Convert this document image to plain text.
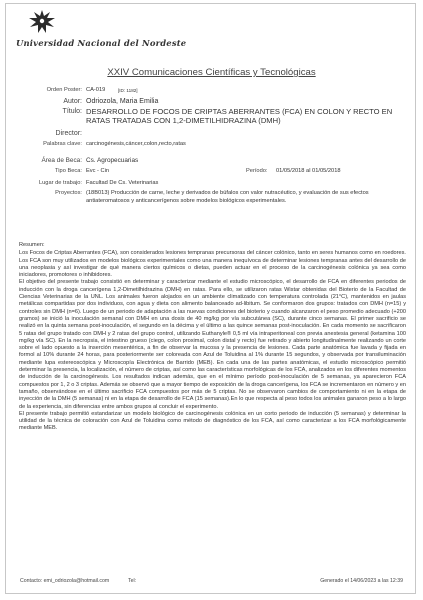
Universidad Nacional del Nordeste
XXIV Comunicaciones Científicas y Tecnológicas
Orden Poster: CA-019	[ID: 1182]
Autor: Odriozola, Maria Emilia
Título: DESARROLLO DE FOCOS DE CRIPTAS ABERRANTES (FCA) EN COLON Y RECTO EN RATAS TRATADAS CON 1,2-DIMETILHIDRAZINA (DMH)
Director:
Palabras clave: carcinogénesis,cáncer,colon,recto,ratas
Área de Beca: Cs. Agropecuarias
Tipo Beca: Evc - Cin	Período: 01/05/2018 al 01/05/2018
Lugar de trabajo: Facultad De Cs. Veterinarias
Proyectos: (18B013) Producción de carne, leche y derivados de búfalos con valor nutracéutico, y evaluación de sus efectos antiateromatosos y anticancerígenos sobre modelos biológicos experimentales.

Resumen:

Los Focos de Criptas Aberrantes (FCA), son considerados lesiones tempranas precursoras del cáncer colónico, tanto en seres humanos como en roedores. Los FCA son muy utilizados en modelos biológicos experimentales como una manera inequívoca de determinar lesiones tempranas antes del desarrollo de una neoplasia y así investigar de qué manera ciertos químicos o dietas, pueden actuar en el proceso de la carcinogénesis colónica ya sea como iniciadores, promotores o inhibidores.

El objetivo del presente trabajo consistió en determinar y caracterizar mediante el estudio microscópico, el desarrollo de FCA en diferentes periodos de inducción con la droga cancerígena 1,2-Dimetilhidrazina (DMH) en ratas. Para ello, se utilizaron ratas Wistar obtenidas del Bioterio de la Facultad de Ciencias Veterinarias de la UNL. Los animales fueron alojados en un ambiente climatizado con temperatura controlada (21°C), mantenidos en jaulas metálicas compartidas por dos individuos, con agua y dieta con alimento balanceado ad-libitum. Se conformaron dos grupos: tratados con DMH (n=15) y controles sin DMH (n=6). Luego de un periodo de adaptación a las nuevas condiciones del bioterio y cuando alcanzaron el peso promedio adecuado (+200 gramos) se inició la inoculación semanal con DMH en una dosis de 40 mg/kg por vía subcutánea (SC), durante cinco semanas. El primer sacrificio se realizó en la quinta semana post-inoculación, el segundo en la décima y el último a las quince semanas post-inoculación. En cada momento se sacrificaron 5 ratas del grupo tratado con DMH y 2 ratas del grupo control, utilizando Euthanyle® 0,5 ml vía intraperitoneal con previa anestesia general (ketamina 100 mg/kg vía SC). En la necropsia, el intestino grueso (ciego, colon proximal, colon distal y recto) fue retirado y abierto longitudinalmente realizando un corte sobre el lado opuesto a la inserción mesentérica, a fin de observar la mucosa y la presencia de lesiones. Cada parte anatómica fue lavada y fijada en formol al 10% durante 24 horas, para posteriormente ser coloreada con Azul de Toluidina al 1% durante 15 segundos, y observada por transiluminación mediante lupa estereoscópica y Microscopía Electrónica de Barrido (MEB). En cada una de las partes anatómicas, el estudio microscópico permitió determinar la presencia, la localización, el número de criptas, así como las características morfológicas de los FCA, analizados en los diferentes momentos de inducción de la carcinogénesis. Los resultados indican además, que en el mínimo período post-inoculación de 5 semanas, ya aparecieron FCA compuestos por 1, 2 o 3 criptas. Además se observó que a mayor tiempo de exposición de la droga cancerígena, los FCA se incrementaron en número y en tamaño, observándose en el último sacrificio FCA compuestos por más de 5 criptas. No se observaron cambios de comportamiento ni en la etapa de inyección de la DMH (5 semanas) ni en la etapa de desarrollo de FCA (15 semanas).En lo que respecta al peso todos los animales ganaron peso a lo largo de la experiencia, sin diferencias entre ambos grupos al concluir el experimento.

El presente trabajo permitió estandarizar un modelo biológico de carcinogénesis colónica en un corto periodo de inducción (5 semanas) y determinar la utilidad de la técnica de coloración con Azul de Toluidina como método de diagnóstico de los FCA, así como caracterizar a los FCA morfológicamente mediante MEB.

Contacto: emi_odriozola@hotmail.com	Tel:	Generado el 14/06/2023 a las 12:39
